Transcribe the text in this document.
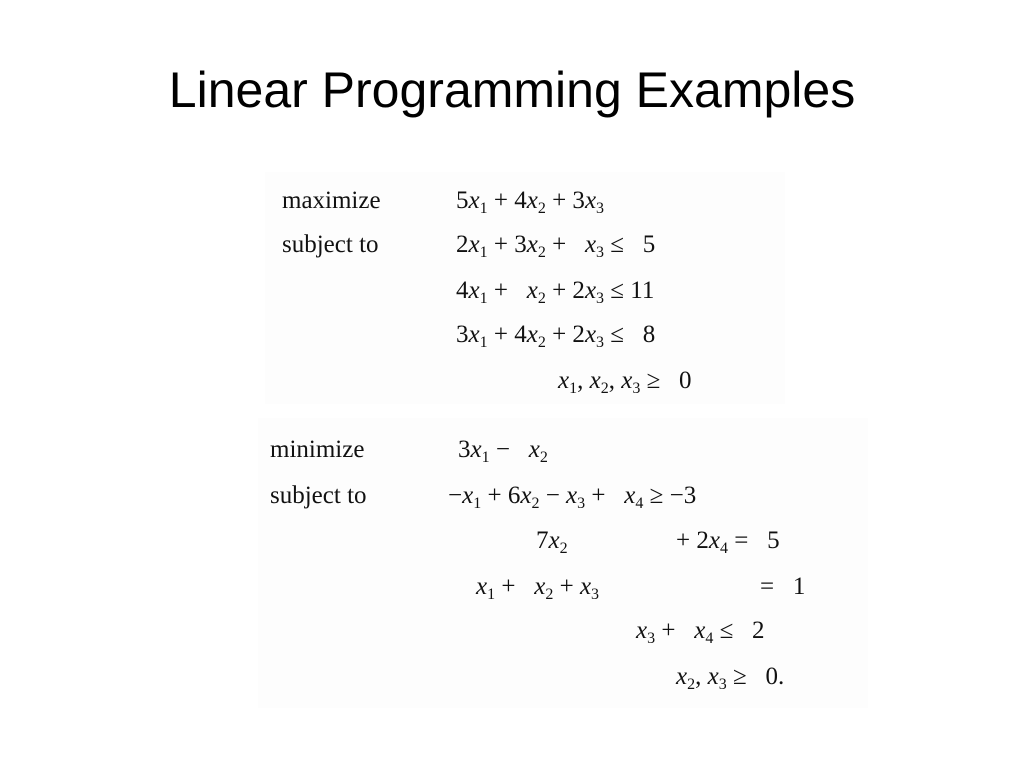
Linear Programming Examples
maximize
subject to
$5x_1 + 4x_2 + 3x_3$
$2x_1 + 3x_2 + x_3 \le 5$
$4x_1 + x_2 + 2x_3 \le 11$
$3x_1 + 4x_2 + 2x_3 \le 8$
$x_1$, $x_2$, $x_3 \ge 0$
minimize
subject to
$3x_1 - x_2$
$-x_1 + 6x_2 - x_3 + x_4 \ge -3$
$7x_2$	+ $2x_4 = 5$
$x_1 + x_2 + x_3$	=   1
$x_3 + x_4 \le 2$
$x_2$, $x_3 \ge 0$.
